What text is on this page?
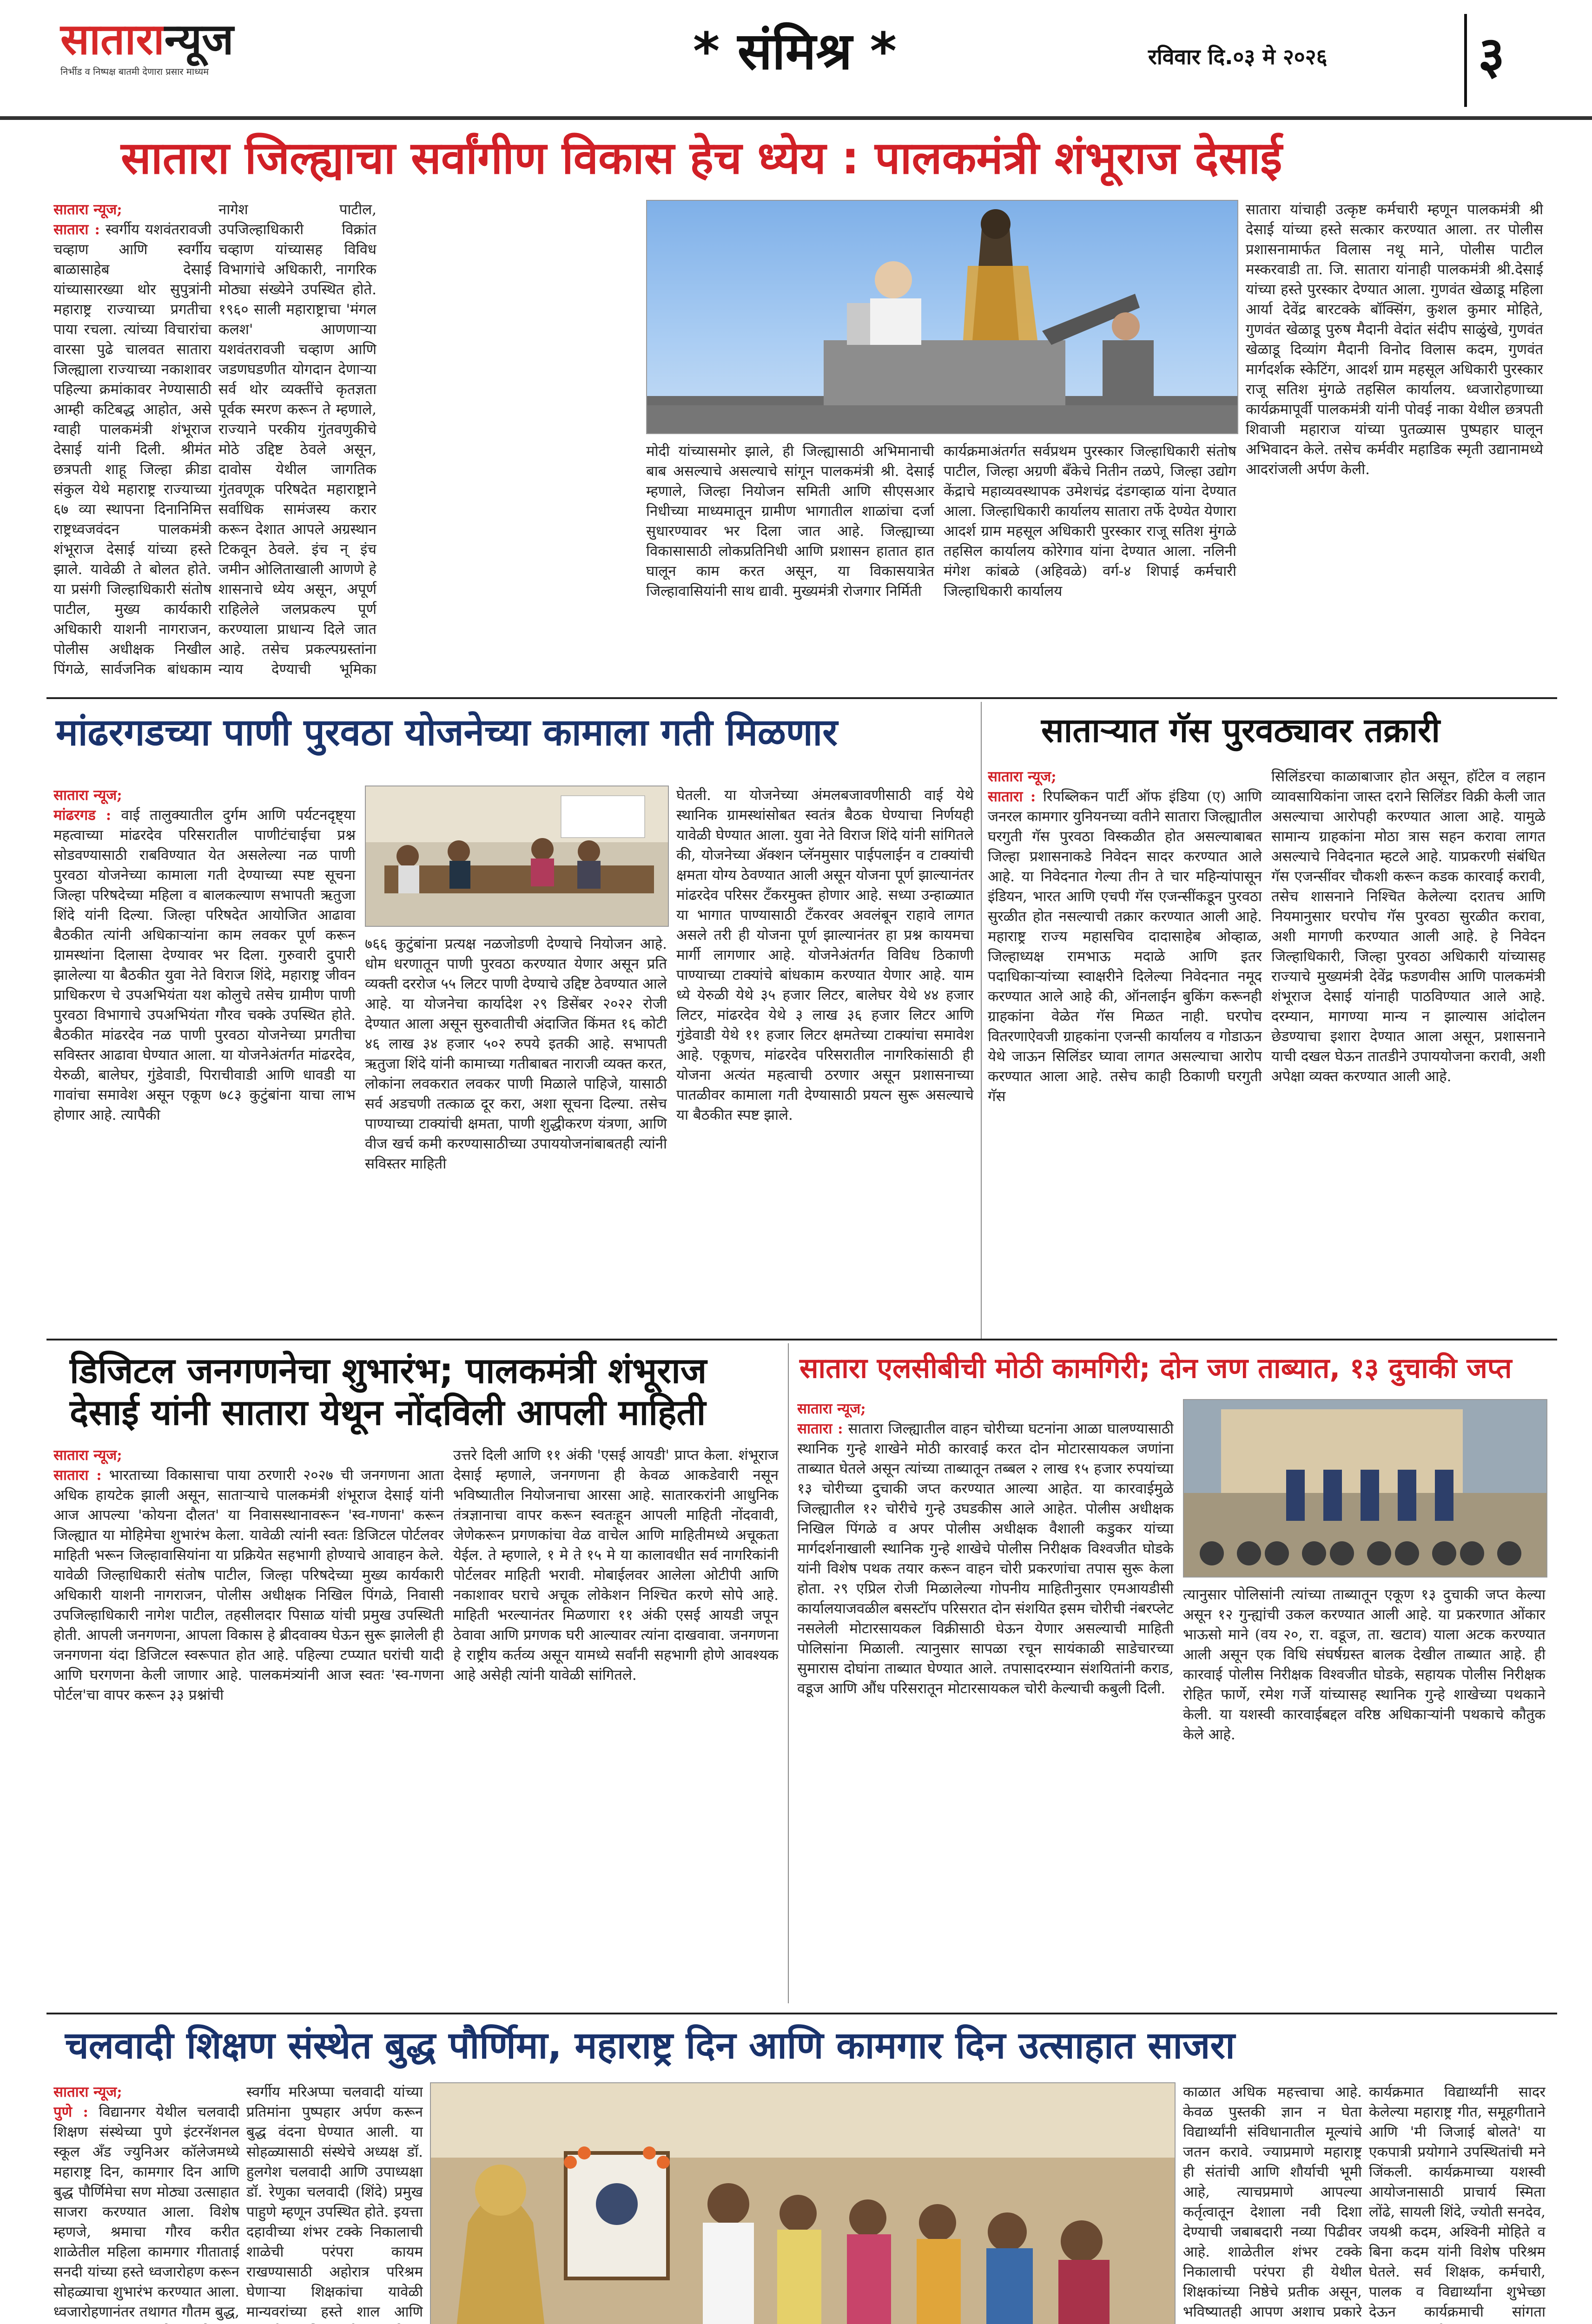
सातारान्यूज
निर्भीड व निष्पक्ष बातमी देणारा प्रसार माध्यम	* संमिश्र *	रविवार दि.०३ मे २०२६	३
सातारा जिल्ह्याचा सर्वांगीण विकास हेच ध्येय : पालकमंत्री शंभूराज देसाई

सातारा न्यूज;
सातारा : स्वर्गीय यशवंतरावजी चव्हाण आणि स्वर्गीय बाळासाहेब देसाई यांच्यासारख्या थोर सुपुत्रांनी महाराष्ट्र राज्याच्या प्रगतीचा पाया रचला. त्यांच्या विचारांचा वारसा पुढे चालवत सातारा जिल्ह्याला राज्याच्या नकाशावर पहिल्या क्रमांकावर नेण्यासाठी आम्ही कटिबद्ध आहोत, असे ग्वाही पालकमंत्री शंभूराज देसाई यांनी दिली. श्रीमंत छत्रपती शाहू जिल्हा क्रीडा संकुल येथे महाराष्ट्र राज्याच्या ६७ व्या स्थापना दिनानिमित्त राष्ट्रध्वजवंदन पालकमंत्री शंभूराज देसाई यांच्या हस्ते झाले. यावेळी ते बोलत होते. या प्रसंगी जिल्हाधिकारी संतोष पाटील, मुख्य कार्यकारी अधिकारी याशनी नागराजन, पोलीस अधीक्षक निखील पिंगळे, सार्वजनिक बांधकाम

नागेश पाटील, उपजिल्हाधिकारी विक्रांत चव्हाण यांच्यासह विविध विभागांचे अधिकारी, नागरिक मोठ्या संख्येने उपस्थित होते. १९६० साली महाराष्ट्राचा 'मंगल कलश' आणणाऱ्या यशवंतरावजी चव्हाण आणि जडणघडणीत योगदान देणाऱ्या सर्व थोर व्यक्तींचे कृतज्ञता पूर्वक स्मरण करून ते म्हणाले, राज्याने परकीय गुंतवणुकीचे मोठे उद्दिष्ट ठेवले असून, दावोस येथील जागतिक गुंतवणूक परिषदेत महाराष्ट्राने सर्वाधिक सामंजस्य करार करून देशात आपले अग्रस्थान टिकवून ठेवले. इंच न् इंच जमीन ओलिताखाली आणणे हे शासनाचे ध्येय असून, अपूर्ण राहिलेले जलप्रकल्प पूर्ण करण्याला प्राधान्य दिले जात आहे. तसेच प्रकल्पग्रस्तांना न्याय देण्याची भूमिका

मोदी यांच्यासमोर झाले, ही जिल्ह्यासाठी अभिमानाची बाब असल्याचे असल्याचे सांगून पालकमंत्री श्री. देसाई म्हणाले, जिल्हा नियोजन समिती आणि सीएसआर निधीच्या माध्यमातून ग्रामीण भागातील शाळांचा दर्जा सुधारण्यावर भर दिला जात आहे. जिल्ह्याच्या विकासासाठी लोकप्रतिनिधी आणि प्रशासन हातात हात घालून काम करत असून, या विकासयात्रेत जिल्हावासियांनी साथ द्यावी. मुख्यमंत्री रोजगार निर्मिती

कार्यक्रमाअंतर्गत सर्वप्रथम पुरस्कार जिल्हाधिकारी संतोष पाटील, जिल्हा अग्रणी बँकेचे नितीन तळपे, जिल्हा उद्योग केंद्राचे महाव्यवस्थापक उमेशचंद्र दंडगव्हाळ यांना देण्यात आला. जिल्हाधिकारी कार्यालय सातारा तर्फे देण्येत येणारा आदर्श ग्राम महसूल अधिकारी पुरस्कार राजू सतिश मुंगळे तहसिल कार्यालय कोरेगाव यांना देण्यात आला. नलिनी मंगेश कांबळे (अहिवळे) वर्ग-४ शिपाई कर्मचारी जिल्हाधिकारी कार्यालय

सातारा यांचाही उत्कृष्ट कर्मचारी म्हणून पालकमंत्री श्री देसाई यांच्या हस्ते सत्कार करण्यात आला. तर पोलीस प्रशासनामार्फत विलास नथू माने, पोलीस पाटील मस्करवाडी ता. जि. सातारा यांनाही पालकमंत्री श्री.देसाई यांच्या हस्ते पुरस्कार देण्यात आला. गुणवंत खेळाडू महिला आर्या देवेंद्र बारटक्के बॉक्सिंग, कुशल कुमार मोहिते, गुणवंत खेळाडू पुरुष मैदानी वेदांत संदीप साळुंखे, गुणवंत खेळाडू दिव्यांग मैदानी विनोद विलास कदम, गुणवंत मार्गदर्शक स्केटिंग, आदर्श ग्राम महसूल अधिकारी पुरस्कार राजू सतिश मुंगळे तहसिल कार्यालय. ध्वजारोहणाच्या कार्यक्रमापूर्वी पालकमंत्री यांनी पोवई नाका येथील छत्रपती शिवाजी महाराज यांच्या पुतळ्यास पुष्पहार घालून अभिवादन केले. तसेच कर्मवीर महाडिक स्मृती उद्यानामध्ये आदरांजली अर्पण केली.

मांढरगडच्या पाणी पुरवठा योजनेच्या कामाला गती मिळणार

सातारा न्यूज;
मांढरगड : वाई तालुक्यातील दुर्गम आणि पर्यटनदृष्ट्या महत्वाच्या मांढरदेव परिसरातील पाणीटंचाईचा प्रश्न सोडवण्यासाठी राबविण्यात येत असलेल्या नळ पाणी पुरवठा योजनेच्या कामाला गती देण्याच्या स्पष्ट सूचना जिल्हा परिषदेच्या महिला व बालकल्याण सभापती ऋतुजा शिंदे यांनी दिल्या. जिल्हा परिषदेत आयोजित आढावा बैठकीत त्यांनी अधिकाऱ्यांना काम लवकर पूर्ण करून ग्रामस्थांना दिलासा देण्यावर भर दिला. गुरुवारी दुपारी झालेल्या या बैठकीत युवा नेते विराज शिंदे, महाराष्ट्र जीवन प्राधिकरण चे उपअभियंता यश कोलुचे तसेच ग्रामीण पाणी पुरवठा विभागाचे उपअभियंता गौरव चक्के उपस्थित होते. बैठकीत मांढरदेव नळ पाणी पुरवठा योजनेच्या प्रगतीचा सविस्तर आढावा घेण्यात आला. या योजनेअंतर्गत मांढरदेव, येरुळी, बालेघर, गुंडेवाडी, पिराचीवाडी आणि धावडी या गावांचा समावेश असून एकूण ७८३ कुटुंबांना याचा लाभ होणार आहे. त्यापैकी

७६६ कुटुंबांना प्रत्यक्ष नळजोडणी देण्याचे नियोजन आहे. धोम धरणातून पाणी पुरवठा करण्यात येणार असून प्रति व्यक्ती दररोज ५५ लिटर पाणी देण्याचे उद्दिष्ट ठेवण्यात आले आहे. या योजनेचा कार्यादेश २९ डिसेंबर २०२२ रोजी देण्यात आला असून सुरुवातीची अंदाजित किंमत १६ कोटी ४६ लाख ३४ हजार ५०२ रुपये इतकी आहे. सभापती ऋतुजा शिंदे यांनी कामाच्या गतीबाबत नाराजी व्यक्त करत, लोकांना लवकरात लवकर पाणी मिळाले पाहिजे, यासाठी सर्व अडचणी तत्काळ दूर करा, अशा सूचना दिल्या. तसेच पाण्याच्या टाक्यांची क्षमता, पाणी शुद्धीकरण यंत्रणा, आणि वीज खर्च कमी करण्यासाठीच्या उपाययोजनांबाबतही त्यांनी सविस्तर माहिती

घेतली. या योजनेच्या अंमलबजावणीसाठी वाई येथे स्थानिक ग्रामस्थांसोबत स्वतंत्र बैठक घेण्याचा निर्णयही यावेळी घेण्यात आला. युवा नेते विराज शिंदे यांनी सांगितले की, योजनेच्या ॲक्शन प्लॅनमुसार पाईपलाईन व टाक्यांची क्षमता योग्य ठेवण्यात आली असून योजना पूर्ण झाल्यानंतर मांढरदेव परिसर टँकरमुक्त होणार आहे. सध्या उन्हाळ्यात या भागात पाण्यासाठी टँकरवर अवलंबून राहावे लागत असले तरी ही योजना पूर्ण झाल्यानंतर हा प्रश्न कायमचा मार्गी लागणार आहे. योजनेअंतर्गत विविध ठिकाणी पाण्याच्या टाक्यांचे बांधकाम करण्यात येणार आहे. याम ध्ये येरुळी येथे ३५ हजार लिटर, बालेघर येथे ४४ हजार लिटर, मांढरदेव येथे ३ लाख ३६ हजार लिटर आणि गुंडेवाडी येथे ११ हजार लिटर क्षमतेच्या टाक्यांचा समावेश आहे. एकूणच, मांढरदेव परिसरातील नागरिकांसाठी ही योजना अत्यंत महत्वाची ठरणार असून प्रशासनाच्या पातळीवर कामाला गती देण्यासाठी प्रयत्न सुरू असल्याचे या बैठकीत स्पष्ट झाले.

साताऱ्यात गॅस पुरवठ्यावर तक्रारी

सातारा न्यूज;
सातारा : रिपब्लिकन पार्टी ऑफ इंडिया (ए) आणि जनरल कामगार युनियनच्या वतीने सातारा जिल्ह्यातील घरगुती गॅस पुरवठा विस्कळीत होत असल्याबाबत जिल्हा प्रशासनाकडे निवेदन सादर करण्यात आले आहे. या निवेदनात गेल्या तीन ते चार महिन्यांपासून इंडियन, भारत आणि एचपी गॅस एजन्सींकडून पुरवठा सुरळीत होत नसल्याची तक्रार करण्यात आली आहे. महाराष्ट्र राज्य महासचिव दादासाहेब ओव्हाळ, जिल्हाध्यक्ष रामभाऊ मदाळे आणि इतर पदाधिकाऱ्यांच्या स्वाक्षरीने दिलेल्या निवेदनात नमूद करण्यात आले आहे की, ऑनलाईन बुकिंग करूनही ग्राहकांना वेळेत गॅस मिळत नाही. घरपोच वितरणाऐवजी ग्राहकांना एजन्सी कार्यालय व गोडाऊन येथे जाऊन सिलिंडर घ्यावा लागत असल्याचा आरोप करण्यात आला आहे. तसेच काही ठिकाणी घरगुती गॅस

सिलिंडरचा काळाबाजार होत असून, हॉटेल व लहान व्यावसायिकांना जास्त दराने सिलिंडर विक्री केली जात असल्याचा आरोपही करण्यात आला आहे. यामुळे सामान्य ग्राहकांना मोठा त्रास सहन करावा लागत असल्याचे निवेदनात म्हटले आहे. याप्रकरणी संबंधित गॅस एजन्सींवर चौकशी करून कडक कारवाई करावी, तसेच शासनाने निश्चित केलेल्या दरातच आणि नियमानुसार घरपोच गॅस पुरवठा सुरळीत करावा, अशी मागणी करण्यात आली आहे. हे निवेदन जिल्हाधिकारी, जिल्हा पुरवठा अधिकारी यांच्यासह राज्याचे मुख्यमंत्री देवेंद्र फडणवीस आणि पालकमंत्री शंभूराज देसाई यांनाही पाठविण्यात आले आहे. दरम्यान, मागण्या मान्य न झाल्यास आंदोलन छेडण्याचा इशारा देण्यात आला असून, प्रशासनाने याची दखल घेऊन तातडीने उपाययोजना करावी, अशी अपेक्षा व्यक्त करण्यात आली आहे.

डिजिटल जनगणनेचा शुभारंभ; पालकमंत्री शंभूराज
देसाई यांनी सातारा येथून नोंदविली आपली माहिती

सातारा न्यूज;
सातारा : भारताच्या विकासाचा पाया ठरणारी २०२७ ची जनगणना आता अधिक हायटेक झाली असून, साताऱ्याचे पालकमंत्री शंभूराज देसाई यांनी आज आपल्या 'कोयना दौलत' या निवासस्थानावरून 'स्व-गणना' करून जिल्ह्यात या मोहिमेचा शुभारंभ केला. यावेळी त्यांनी स्वतः डिजिटल पोर्टलवर माहिती भरून जिल्हावासियांना या प्रक्रियेत सहभागी होण्याचे आवाहन केले. यावेळी जिल्हाधिकारी संतोष पाटील, जिल्हा परिषदेच्या मुख्य कार्यकारी अधिकारी याशनी नागराजन, पोलीस अधीक्षक निखिल पिंगळे, निवासी उपजिल्हाधिकारी नागेश पाटील, तहसीलदार पिसाळ यांची प्रमुख उपस्थिती होती. आपली जनगणना, आपला विकास हे ब्रीदवाक्य घेऊन सुरू झालेली ही जनगणना यंदा डिजिटल स्वरूपात होत आहे. पहिल्या टप्प्यात घरांची यादी आणि घरगणना केली जाणार आहे. पालकमंत्र्यांनी आज स्वतः 'स्व-गणना पोर्टल'चा वापर करून ३३ प्रश्नांची

उत्तरे दिली आणि ११ अंकी 'एसई आयडी' प्राप्त केला. शंभूराज देसाई म्हणाले, जनगणना ही केवळ आकडेवारी नसून भविष्यातील नियोजनाचा आरसा आहे. सातारकरांनी आधुनिक तंत्रज्ञानाचा वापर करून स्वतःहून आपली माहिती नोंदवावी, जेणेकरून प्रगणकांचा वेळ वाचेल आणि माहितीमध्ये अचूकता येईल. ते म्हणाले, १ मे ते १५ मे या कालावधीत सर्व नागरिकांनी पोर्टलवर माहिती भरावी. मोबाईलवर आलेला ओटीपी आणि नकाशावर घराचे अचूक लोकेशन निश्चित करणे सोपे आहे. माहिती भरल्यानंतर मिळणारा ११ अंकी एसई आयडी जपून ठेवावा आणि प्रगणक घरी आल्यावर त्यांना दाखवावा. जनगणना हे राष्ट्रीय कर्तव्य असून यामध्ये सर्वांनी सहभागी होणे आवश्यक आहे असेही त्यांनी यावेळी सांगितले.

सातारा एलसीबीची मोठी कामगिरी; दोन जण ताब्यात, १३ दुचाकी जप्त

सातारा न्यूज;
सातारा : सातारा जिल्ह्यातील वाहन चोरीच्या घटनांना आळा घालण्यासाठी स्थानिक गुन्हे शाखेने मोठी कारवाई करत दोन मोटारसायकल जणांना ताब्यात घेतले असून त्यांच्या ताब्यातून तब्बल २ लाख १५ हजार रुपयांच्या १३ चोरीच्या दुचाकी जप्त करण्यात आल्या आहेत. या कारवाईमुळे जिल्ह्यातील १२ चोरीचे गुन्हे उघडकीस आले आहेत. पोलीस अधीक्षक निखिल पिंगळे व अपर पोलीस अधीक्षक वैशाली कडुकर यांच्या मार्गदर्शनाखाली स्थानिक गुन्हे शाखेचे पोलीस निरीक्षक विश्वजीत घोडके यांनी विशेष पथक तयार करून वाहन चोरी प्रकरणांचा तपास सुरू केला होता. २९ एप्रिल रोजी मिळालेल्या गोपनीय माहितीनुसार एमआयडीसी कार्यालयाजवळील बसस्टॉप परिसरात दोन संशयित इसम चोरीची नंबरप्लेट नसलेली मोटारसायकल विक्रीसाठी घेऊन येणार असल्याची माहिती पोलिसांना मिळाली. त्यानुसार सापळा रचून सायंकाळी साडेचारच्या सुमारास दोघांना ताब्यात घेण्यात आले. तपासादरम्यान संशयितांनी कराड, वडूज आणि औंध परिसरातून मोटारसायकल चोरी केल्याची कबुली दिली.

त्यानुसार पोलिसांनी त्यांच्या ताब्यातून एकूण १३ दुचाकी जप्त केल्या असून १२ गुन्ह्यांची उकल करण्यात आली आहे. या प्रकरणात ओंकार भाऊसो माने (वय २०, रा. वडूज, ता. खटाव) याला अटक करण्यात आली असून एक विधि संघर्षग्रस्त बालक देखील ताब्यात आहे. ही कारवाई पोलीस निरीक्षक विश्वजीत घोडके, सहायक पोलीस निरीक्षक रोहित फार्णे, रमेश गर्जे यांच्यासह स्थानिक गुन्हे शाखेच्या पथकाने केली. या यशस्वी कारवाईबद्दल वरिष्ठ अधिकाऱ्यांनी पथकाचे कौतुक केले आहे.

चलवादी शिक्षण संस्थेत बुद्ध पौर्णिमा, महाराष्ट्र दिन आणि कामगार दिन उत्साहात साजरा

सातारा न्यूज;
पुणे : विद्यानगर येथील चलवादी शिक्षण संस्थेच्या पुणे इंटरनॅशनल स्कूल अँड ज्युनिअर कॉलेजमध्ये महाराष्ट्र दिन, कामगार दिन आणि बुद्ध पौर्णिमेचा सण मोठ्या उत्साहात साजरा करण्यात आला. विशेष म्हणजे, श्रमाचा गौरव करीत शाळेतील महिला कामगार गीताताई सनदी यांच्या हस्ते ध्वजारोहण करून सोहळ्याचा शुभारंभ करण्यात आला. ध्वजारोहणानंतर तथागत गौतम बुद्ध,

स्वर्गीय मरिअप्पा चलवादी यांच्या प्रतिमांना पुष्पहार अर्पण करून बुद्ध वंदना घेण्यात आली. या सोहळ्यासाठी संस्थेचे अध्यक्ष डॉ. हुलगेश चलवादी आणि उपाध्यक्षा डॉ. रेणुका चलवादी (शिंदे) प्रमुख पाहुणे म्हणून उपस्थित होते. इयत्ता दहावीच्या शंभर टक्के निकालाची शाळेची परंपरा कायम राखण्यासाठी अहोरात्र परिश्रम घेणाऱ्या शिक्षकांचा यावेळी मान्यवरांच्या हस्ते शाल आणि

काळात अधिक महत्त्वाचा आहे. केवळ पुस्तकी ज्ञान न घेता विद्यार्थ्यांनी संविधानातील मूल्यांचे जतन करावे. ज्याप्रमाणे महाराष्ट्र ही संतांची आणि शौर्याची भूमी आहे, त्याचप्रमाणे आपल्या कर्तृत्वातून देशाला नवी दिशा देण्याची जबाबदारी नव्या पिढीवर आहे. शाळेतील शंभर टक्के निकालाची परंपरा ही येथील शिक्षकांच्या निष्ठेचे प्रतीक असून, भविष्यातही आपण अशाच प्रकारे

कार्यक्रमात विद्यार्थ्यांनी सादर केलेल्या महाराष्ट्र गीत, समूहगीताने आणि 'मी जिजाई बोलते' या एकपात्री प्रयोगाने उपस्थितांची मने जिंकली. कार्यक्रमाच्या यशस्वी आयोजनासाठी प्राचार्य स्मिता लोंढे, सायली शिंदे, ज्योती सनदेव, जयश्री कदम, अश्विनी मोहिते व बिना कदम यांनी विशेष परिश्रम घेतले. सर्व शिक्षक, कर्मचारी, पालक व विद्यार्थ्यांना शुभेच्छा देऊन कार्यक्रमाची सांगता
